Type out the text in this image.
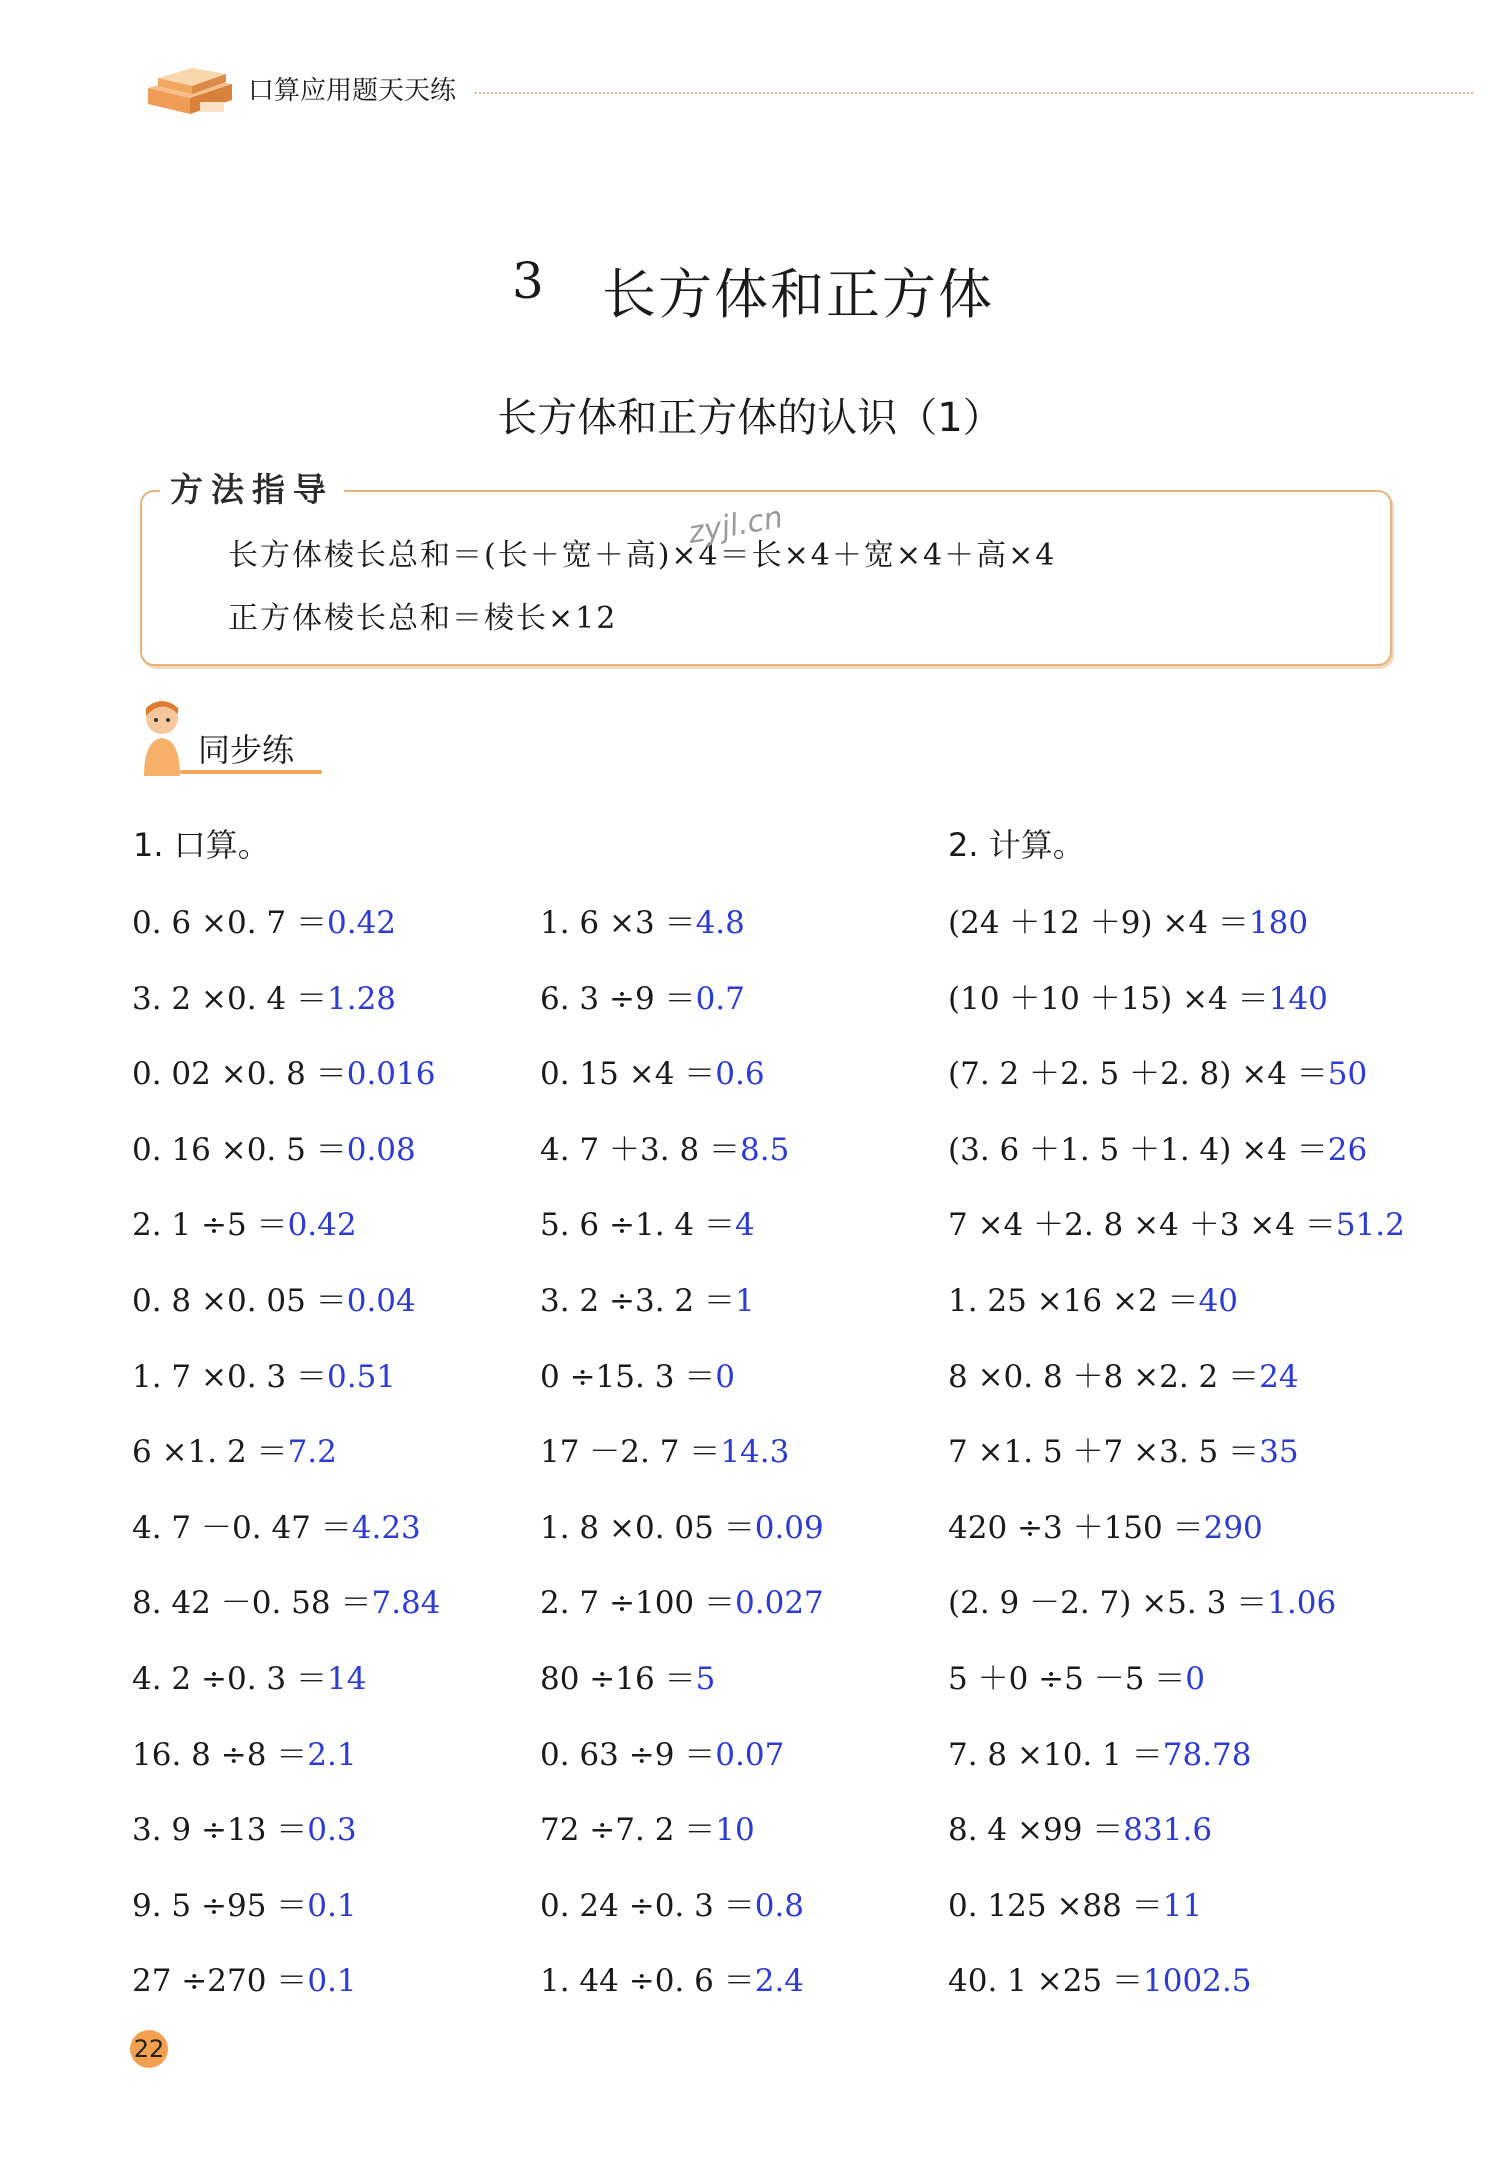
口算应用题天天练
3 长方体和正方体
长方体和正方体的认识（1）
方法指导
长方体棱长总和＝(长＋宽＋高)×4＝长×4＋宽×4＋高×4
正方体棱长总和＝棱长×12
zyjl.cn
同步练
1. 口算。	2. 计算。
0. 6 ×0. 7 ＝0.42
3. 2 ×0. 4 ＝1.28
0. 02 ×0. 8 ＝0.016
0. 16 ×0. 5 ＝0.08
2. 1 ÷5 ＝0.42
0. 8 ×0. 05 ＝0.04
1. 7 ×0. 3 ＝0.51
6 ×1. 2 ＝7.2
4. 7 －0. 47 ＝4.23
8. 42 －0. 58 ＝7.84
4. 2 ÷0. 3 ＝14
16. 8 ÷8 ＝2.1
3. 9 ÷13 ＝0.3
9. 5 ÷95 ＝0.1
27 ÷270 ＝0.1
1. 6 ×3 ＝4.8
6. 3 ÷9 ＝0.7
0. 15 ×4 ＝0.6
4. 7 ＋3. 8 ＝8.5
5. 6 ÷1. 4 ＝4
3. 2 ÷3. 2 ＝1
0 ÷15. 3 ＝0
17 －2. 7 ＝14.3
1. 8 ×0. 05 ＝0.09
2. 7 ÷100 ＝0.027
80 ÷16 ＝5
0. 63 ÷9 ＝0.07
72 ÷7. 2 ＝10
0. 24 ÷0. 3 ＝0.8
1. 44 ÷0. 6 ＝2.4
(24 ＋12 ＋9) ×4 ＝180
(10 ＋10 ＋15) ×4 ＝140
(7. 2 ＋2. 5 ＋2. 8) ×4 ＝50
(3. 6 ＋1. 5 ＋1. 4) ×4 ＝26
7 ×4 ＋2. 8 ×4 ＋3 ×4 ＝51.2
1. 25 ×16 ×2 ＝40
8 ×0. 8 ＋8 ×2. 2 ＝24
7 ×1. 5 ＋7 ×3. 5 ＝35
420 ÷3 ＋150 ＝290
(2. 9 －2. 7) ×5. 3 ＝1.06
5 ＋0 ÷5 －5 ＝0
7. 8 ×10. 1 ＝78.78
8. 4 ×99 ＝831.6
0. 125 ×88 ＝11
40. 1 ×25 ＝1002.5
22
